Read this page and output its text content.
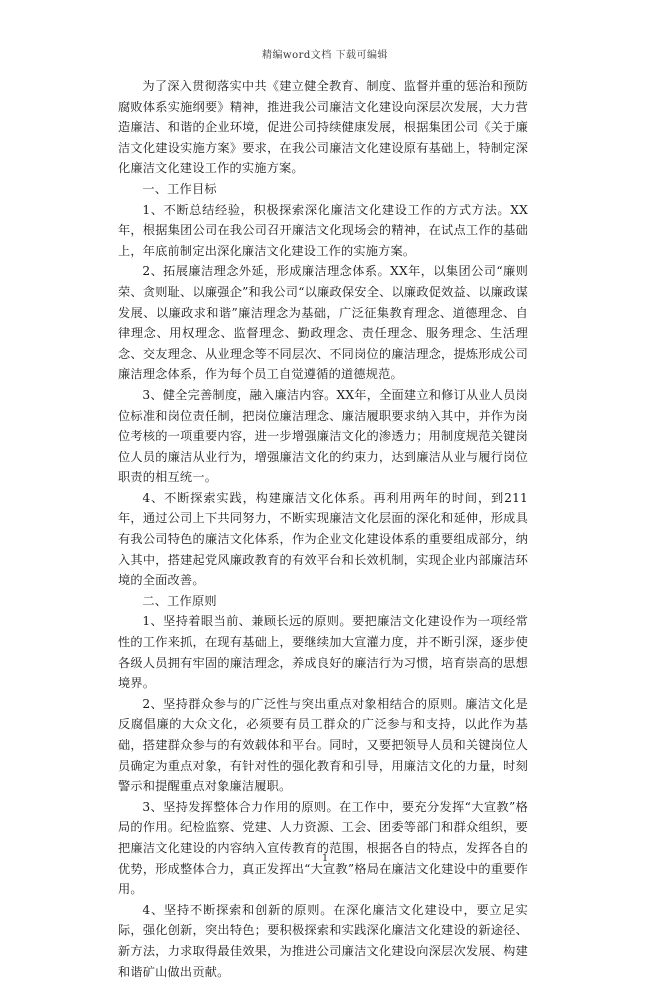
精编word文档 下载可编辑

为了深入贯彻落实中共《建立健全教育、制度、监督并重的惩治和预防腐败体系实施纲要》精神，推进我公司廉洁文化建设向深层次发展，大力营造廉洁、和谐的企业环境，促进公司持续健康发展，根据集团公司《关于廉洁文化建设实施方案》要求，在我公司廉洁文化建设原有基础上，特制定深化廉洁文化建设工作的实施方案。

一、工作目标

1、不断总结经验，积极探索深化廉洁文化建设工作的方式方法。XX年，根据集团公司在我公司召开廉洁文化现场会的精神，在试点工作的基础上，年底前制定出深化廉洁文化建设工作的实施方案。

2、拓展廉洁理念外延，形成廉洁理念体系。XX年，以集团公司“廉则荣、贪则耻、以廉强企”和我公司“以廉政保安全、以廉政促效益、以廉政谋发展、以廉政求和谐”廉洁理念为基础，广泛征集教育理念、道德理念、自律理念、用权理念、监督理念、勤政理念、责任理念、服务理念、生活理念、交友理念、从业理念等不同层次、不同岗位的廉洁理念，提炼形成公司廉洁理念体系，作为每个员工自觉遵循的道德规范。

3、健全完善制度，融入廉洁内容。XX年，全面建立和修订从业人员岗位标准和岗位责任制，把岗位廉洁理念、廉洁履职要求纳入其中，并作为岗位考核的一项重要内容，进一步增强廉洁文化的渗透力；用制度规范关键岗位人员的廉洁从业行为，增强廉洁文化的约束力，达到廉洁从业与履行岗位职责的相互统一。

4、不断探索实践，构建廉洁文化体系。再利用两年的时间，到211年，通过公司上下共同努力，不断实现廉洁文化层面的深化和延伸，形成具有我公司特色的廉洁文化体系，作为企业文化建设体系的重要组成部分，纳入其中，搭建起党风廉政教育的有效平台和长效机制，实现企业内部廉洁环境的全面改善。

二、工作原则

1、坚持着眼当前、兼顾长远的原则。要把廉洁文化建设作为一项经常性的工作来抓，在现有基础上，要继续加大宣灌力度，并不断引深，逐步使各级人员拥有牢固的廉洁理念，养成良好的廉洁行为习惯，培育崇高的思想境界。

2、坚持群众参与的广泛性与突出重点对象相结合的原则。廉洁文化是反腐倡廉的大众文化，必须要有员工群众的广泛参与和支持，以此作为基础，搭建群众参与的有效载体和平台。同时，又要把领导人员和关键岗位人员确定为重点对象，有针对性的强化教育和引导，用廉洁文化的力量，时刻警示和提醒重点对象廉洁履职。

3、坚持发挥整体合力作用的原则。在工作中，要充分发挥“大宣教”格局的作用。纪检监察、党建、人力资源、工会、团委等部门和群众组织，要把廉洁文化建设的内容纳入宣传教育的范围，根据各自的特点，发挥各自的优势，形成整体合力，真正发挥出“大宣教”格局在廉洁文化建设中的重要作用。

4、坚持不断探索和创新的原则。在深化廉洁文化建设中，要立足实际，强化创新，突出特色；要积极探索和实践深化廉洁文化建设的新途径、新方法，力求取得最佳效果，为推进公司廉洁文化建设向深层次发展、构建和谐矿山做出贡献。

1
